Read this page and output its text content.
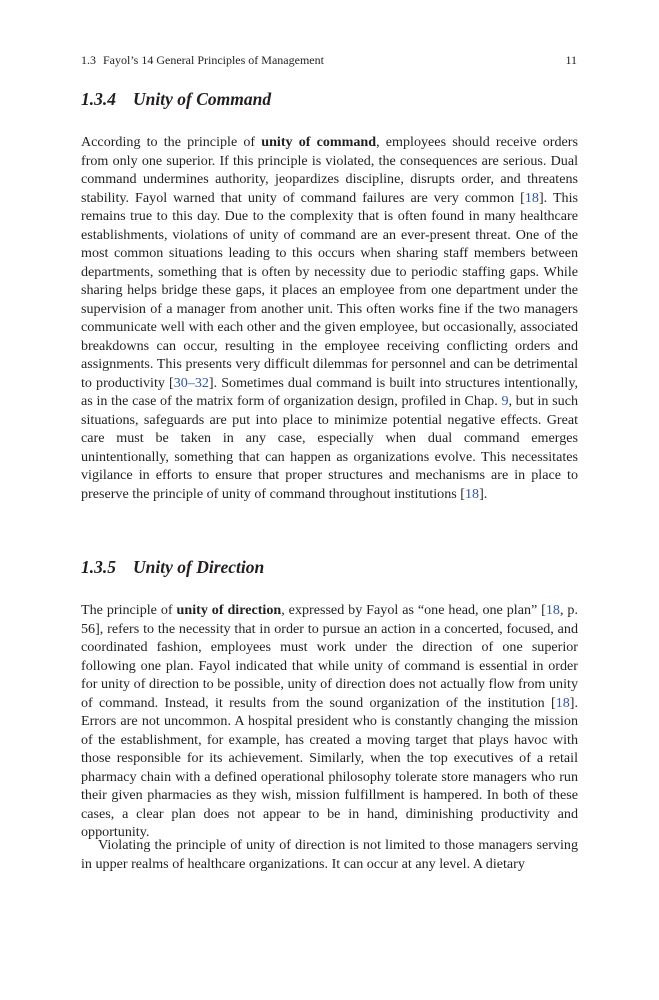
1.3 Fayol’s 14 General Principles of Management	11
1.3.4 Unity of Command

According to the principle of unity of command, employees should receive orders from only one superior. If this principle is violated, the consequences are serious. Dual command undermines authority, jeopardizes discipline, disrupts order, and threatens stability. Fayol warned that unity of command failures are very common [18]. This remains true to this day. Due to the complexity that is often found in many healthcare establishments, violations of unity of command are an ever-present threat. One of the most common situations leading to this occurs when sharing staff members between departments, something that is often by necessity due to periodic staffing gaps. While sharing helps bridge these gaps, it places an employee from one department under the supervision of a manager from another unit. This often works fine if the two managers communicate well with each other and the given employee, but occasionally, associated breakdowns can occur, resulting in the employee receiving conflicting orders and assignments. This presents very difficult dilemmas for personnel and can be detrimental to productivity [30–32]. Sometimes dual command is built into structures intentionally, as in the case of the matrix form of organization design, profiled in Chap. 9, but in such situations, safeguards are put into place to minimize potential negative effects. Great care must be taken in any case, especially when dual command emerges unintentionally, something that can happen as organizations evolve. This necessitates vigilance in efforts to ensure that proper structures and mechanisms are in place to preserve the principle of unity of command throughout institutions [18].

1.3.5 Unity of Direction

The principle of unity of direction, expressed by Fayol as “one head, one plan” [18, p. 56], refers to the necessity that in order to pursue an action in a concerted, focused, and coordinated fashion, employees must work under the direction of one superior following one plan. Fayol indicated that while unity of command is essential in order for unity of direction to be possible, unity of direction does not actually flow from unity of command. Instead, it results from the sound organization of the institution [18]. Errors are not uncommon. A hospital president who is constantly changing the mission of the establishment, for example, has created a moving target that plays havoc with those responsible for its achievement. Similarly, when the top executives of a retail pharmacy chain with a defined operational philosophy tolerate store managers who run their given pharmacies as they wish, mission fulfillment is hampered. In both of these cases, a clear plan does not appear to be in hand, diminishing productivity and opportunity.

Violating the principle of unity of direction is not limited to those managers serving in upper realms of healthcare organizations. It can occur at any level. A dietary
